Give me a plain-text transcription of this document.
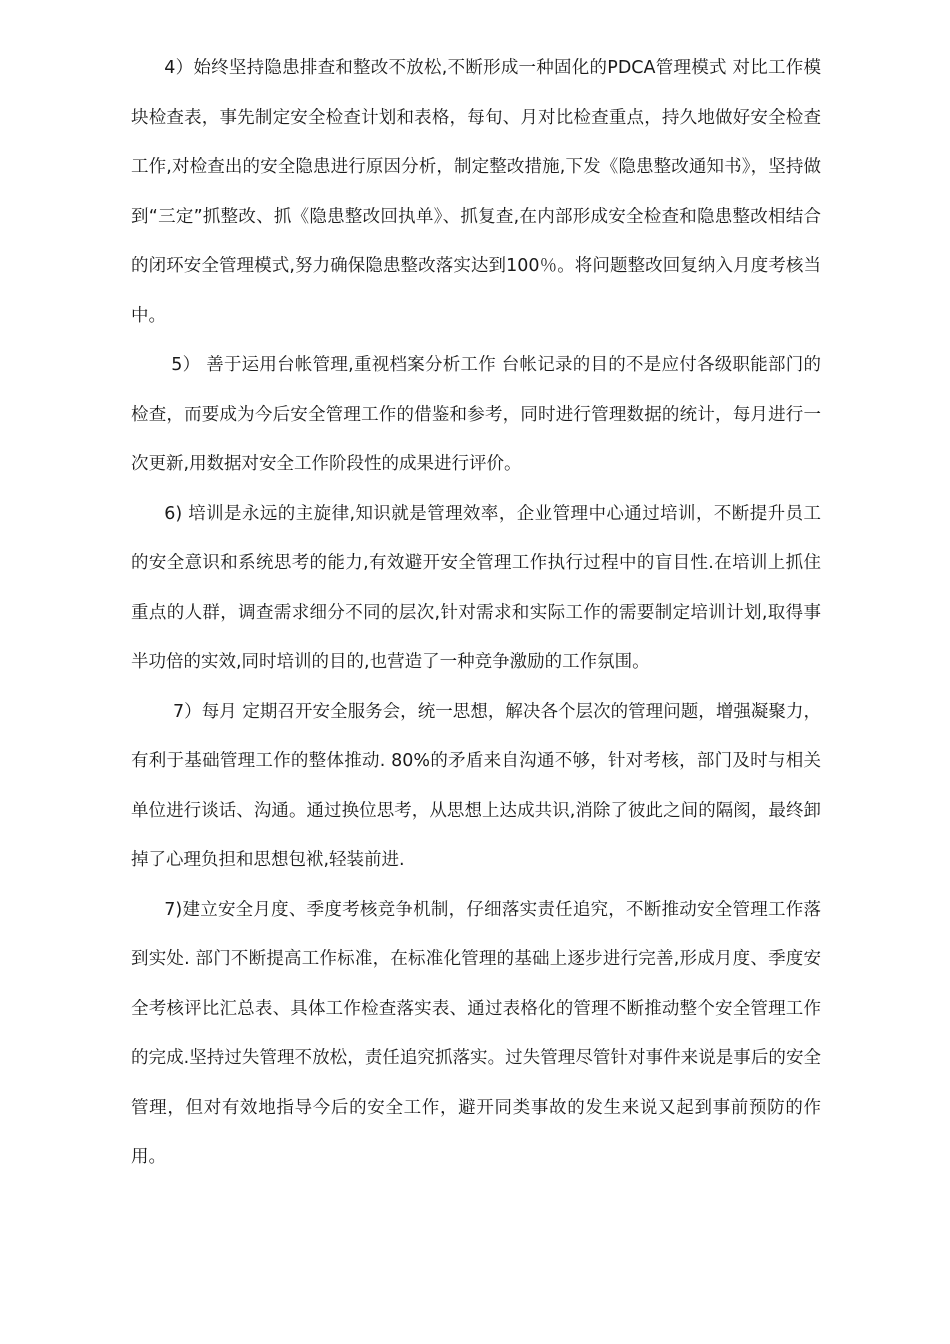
4）始终坚持隐患排查和整改不放松,不断形成一种固化的PDCA管理模式 对比工作模块检查表，事先制定安全检查计划和表格，每旬、月对比检查重点，持久地做好安全检查工作,对检查出的安全隐患进行原因分析，制定整改措施,下发《隐患整改通知书》，坚持做到“三定”抓整改、抓《隐患整改回执单》、抓复查,在内部形成安全检查和隐患整改相结合的闭环安全管理模式,努力确保隐患整改落实达到100％。将问题整改回复纳入月度考核当中。

5） 善于运用台帐管理,重视档案分析工作 台帐记录的目的不是应付各级职能部门的检查，而要成为今后安全管理工作的借鉴和参考，同时进行管理数据的统计，每月进行一次更新,用数据对安全工作阶段性的成果进行评价。

6) 培训是永远的主旋律,知识就是管理效率，企业管理中心通过培训，不断提升员工的安全意识和系统思考的能力,有效避开安全管理工作执行过程中的盲目性.在培训上抓住重点的人群，调查需求细分不同的层次,针对需求和实际工作的需要制定培训计划,取得事半功倍的实效,同时培训的目的,也营造了一种竞争激励的工作氛围。

7）每月 定期召开安全服务会，统一思想，解决各个层次的管理问题，增强凝聚力，有利于基础管理工作的整体推动. 80%的矛盾来自沟通不够，针对考核，部门及时与相关单位进行谈话、沟通。通过换位思考，从思想上达成共识,消除了彼此之间的隔阂，最终卸掉了心理负担和思想包袱,轻装前进.

7)建立安全月度、季度考核竞争机制，仔细落实责任追究，不断推动安全管理工作落到实处. 部门不断提高工作标准，在标准化管理的基础上逐步进行完善,形成月度、季度安全考核评比汇总表、具体工作检查落实表、通过表格化的管理不断推动整个安全管理工作的完成.坚持过失管理不放松，责任追究抓落实。过失管理尽管针对事件来说是事后的安全管理，但对有效地指导今后的安全工作，避开同类事故的发生来说又起到事前预防的作用。
